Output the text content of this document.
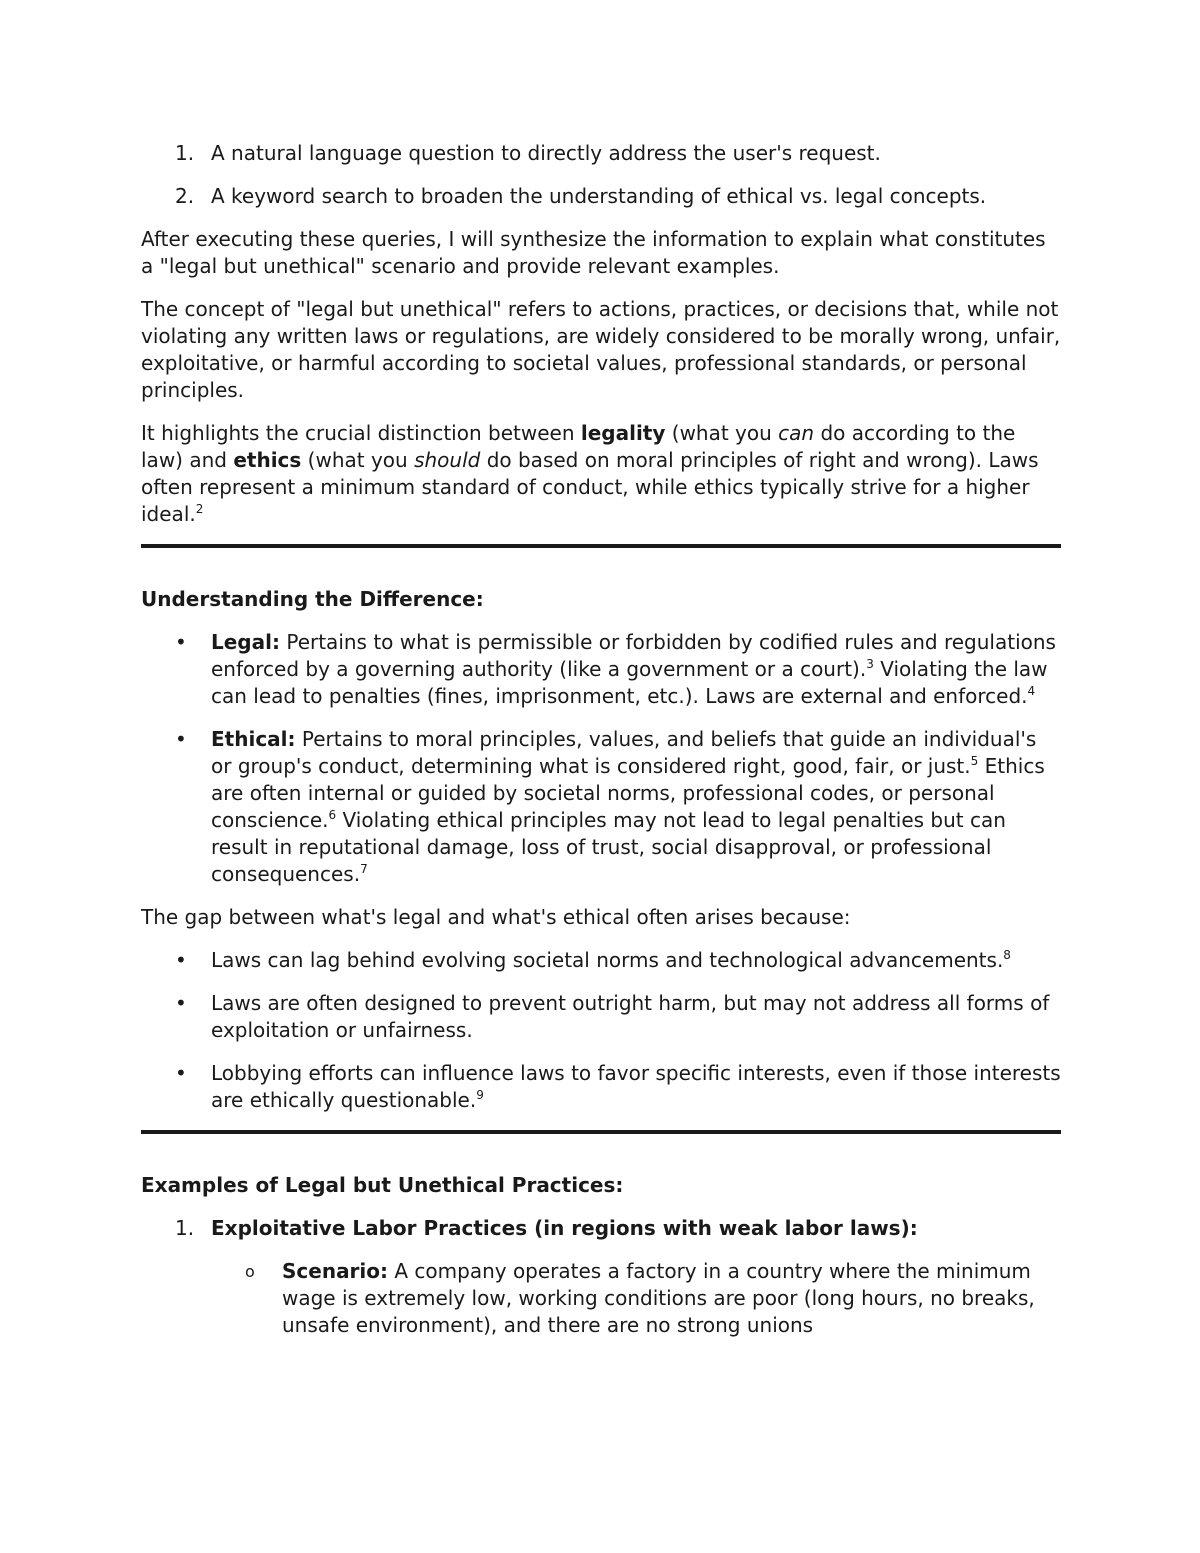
1. A natural language question to directly address the user's request.
2. A keyword search to broaden the understanding of ethical vs. legal concepts.

After executing these queries, I will synthesize the information to explain what constitutes a "legal but unethical" scenario and provide relevant examples.

The concept of "legal but unethical" refers to actions, practices, or decisions that, while not violating any written laws or regulations, are widely considered to be morally wrong, unfair, exploitative, or harmful according to societal values, professional standards, or personal principles.

It highlights the crucial distinction between legality (what you can do according to the law) and ethics (what you should do based on moral principles of right and wrong). Laws often represent a minimum standard of conduct, while ethics typically strive for a higher ideal.$^2$

Understanding the Difference:

• Legal: Pertains to what is permissible or forbidden by codified rules and regulations enforced by a governing authority (like a government or a court).$^3$ Violating the law can lead to penalties (fines, imprisonment, etc.). Laws are external and enforced.$^4$
• Ethical: Pertains to moral principles, values, and beliefs that guide an individual's or group's conduct, determining what is considered right, good, fair, or just.$^5$ Ethics are often internal or guided by societal norms, professional codes, or personal conscience.$^6$ Violating ethical principles may not lead to legal penalties but can result in reputational damage, loss of trust, social disapproval, or professional consequences.$^7$

The gap between what's legal and what's ethical often arises because:

• Laws can lag behind evolving societal norms and technological advancements.$^8$
• Laws are often designed to prevent outright harm, but may not address all forms of exploitation or unfairness.
• Lobbying efforts can influence laws to favor specific interests, even if those interests are ethically questionable.$^9$

Examples of Legal but Unethical Practices:

1. Exploitative Labor Practices (in regions with weak labor laws):
o Scenario: A company operates a factory in a country where the minimum wage is extremely low, working conditions are poor (long hours, no breaks, unsafe environment), and there are no strong unions
